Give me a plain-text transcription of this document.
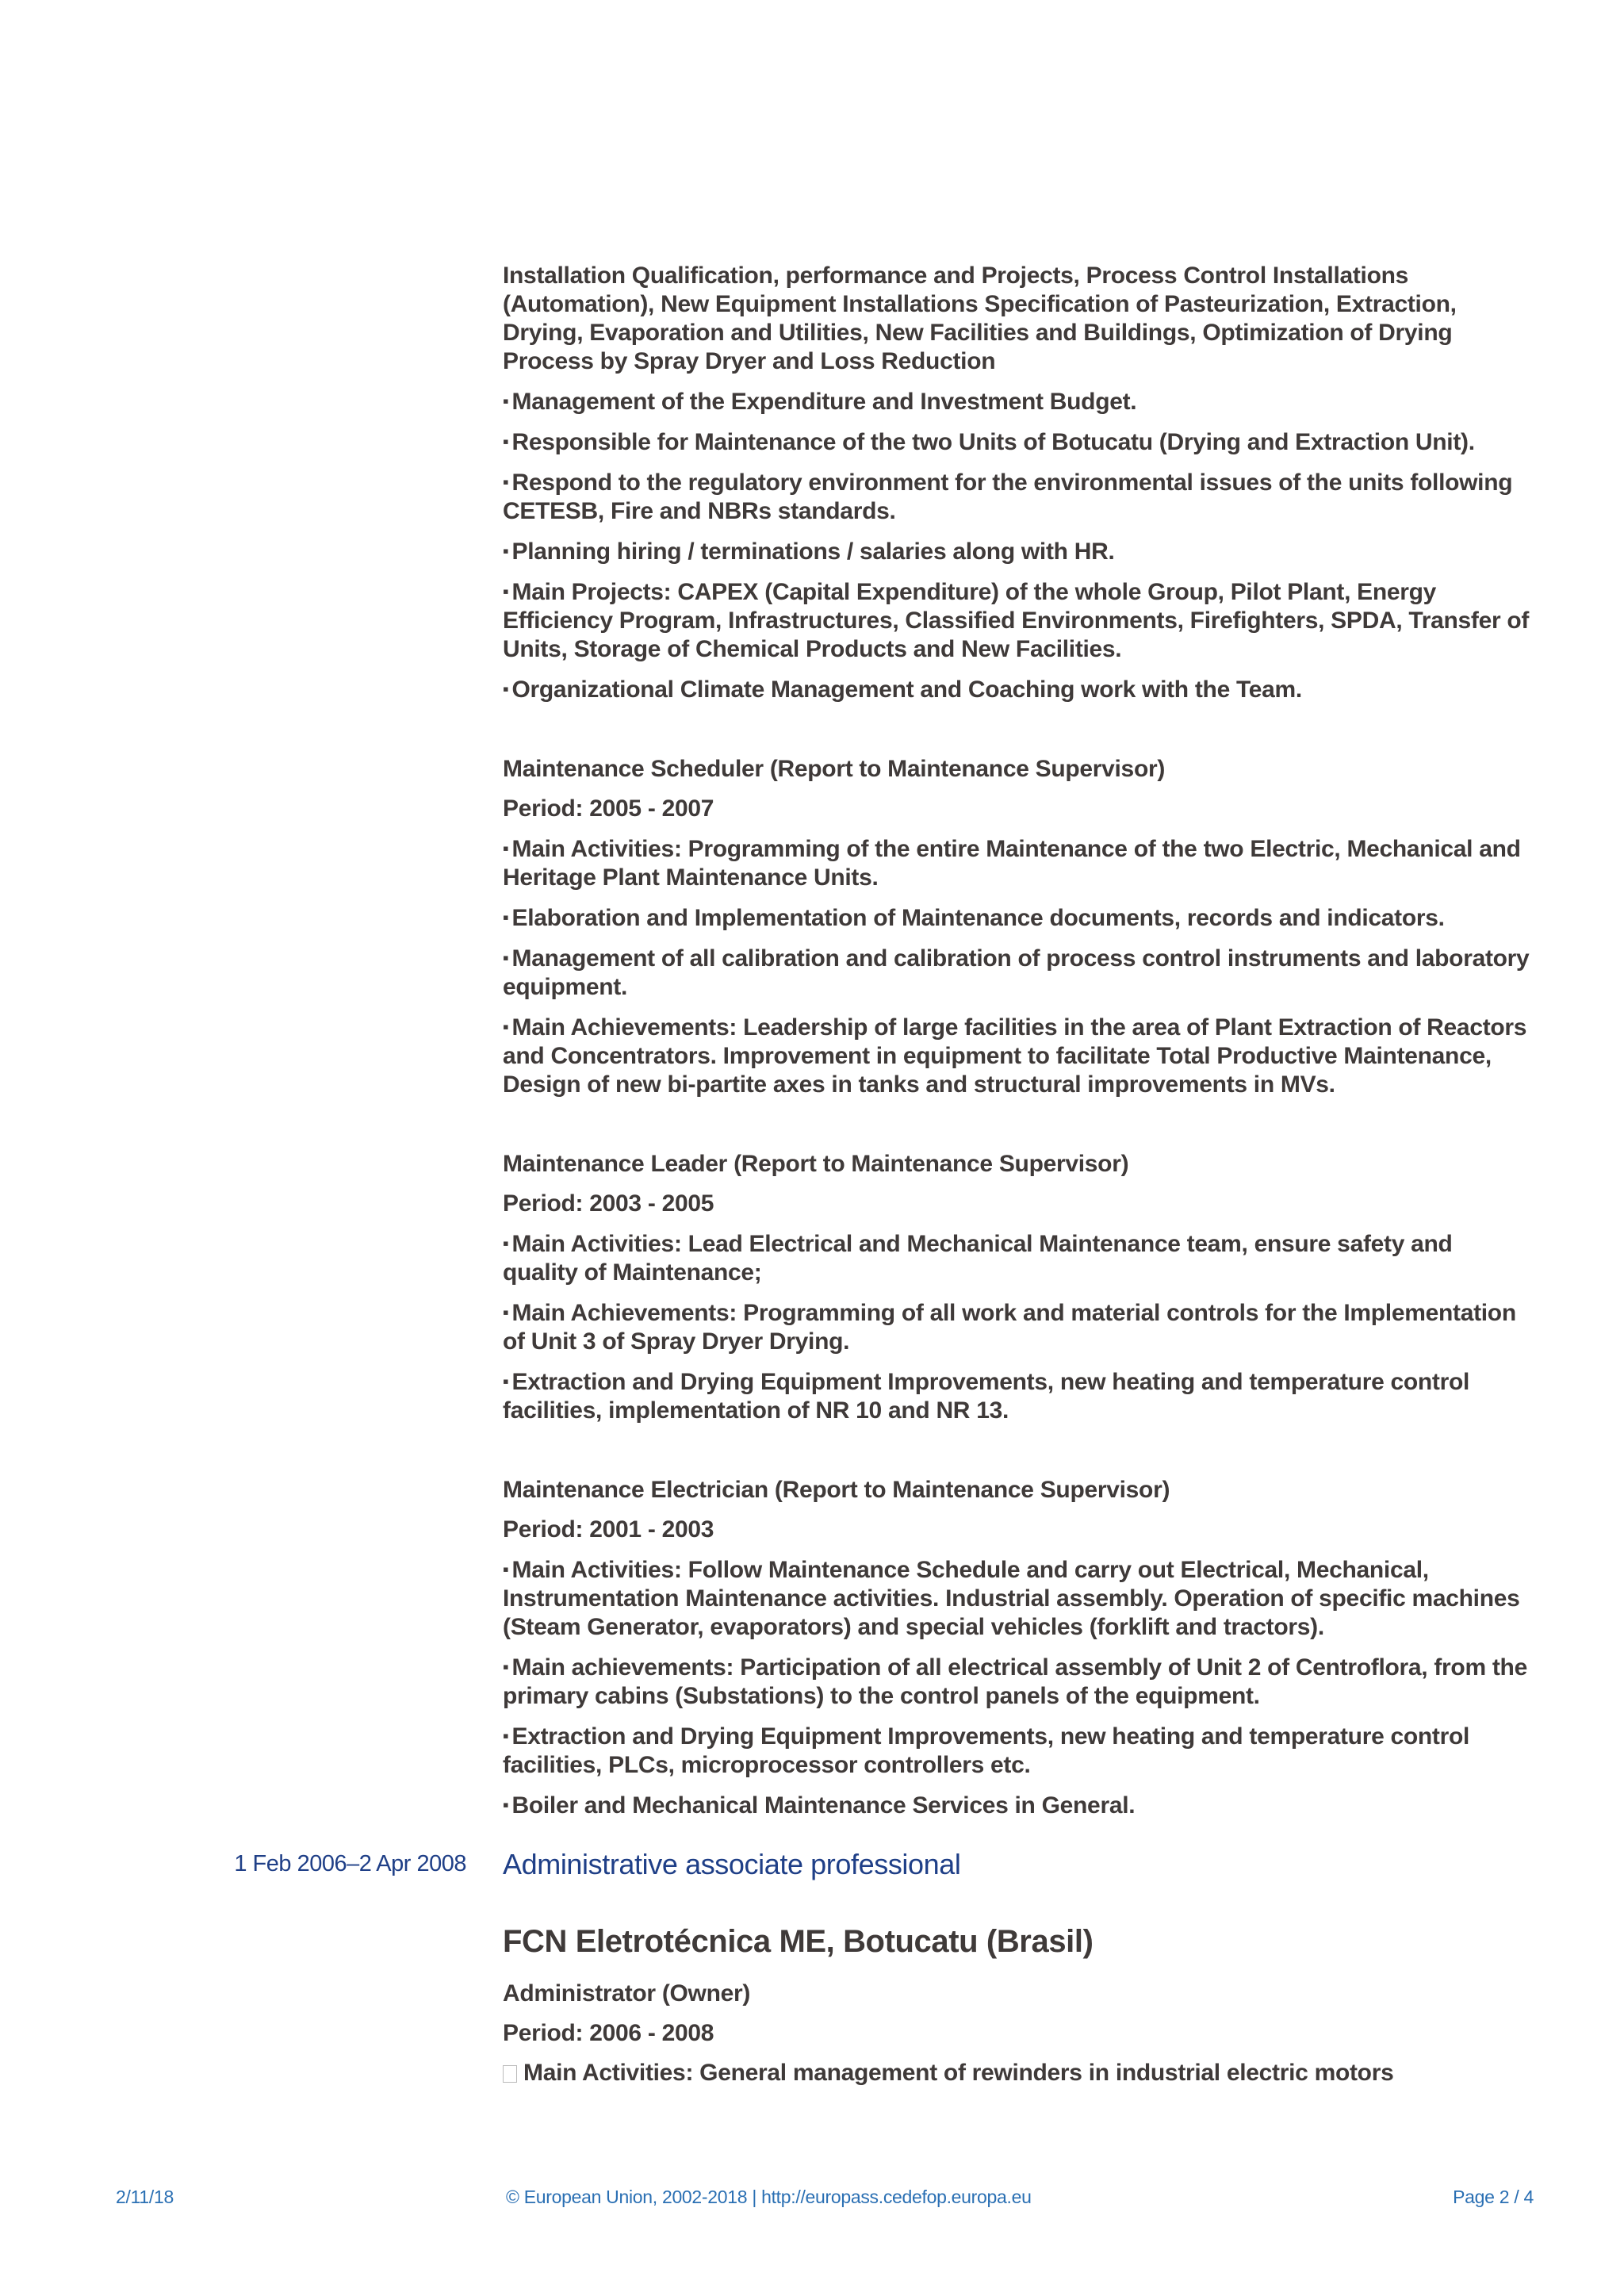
Installation Qualification, performance and Projects, Process Control Installations (Automation), New Equipment Installations Specification of Pasteurization, Extraction, Drying, Evaporation and Utilities, New Facilities and Buildings, Optimization of Drying Process by Spray Dryer and Loss Reduction

▪ Management of the Expenditure and Investment Budget.

▪ Responsible for Maintenance of the two Units of Botucatu (Drying and Extraction Unit).

▪ Respond to the regulatory environment for the environmental issues of the units following CETESB, Fire and NBRs standards.

▪ Planning hiring / terminations / salaries along with HR.

▪ Main Projects: CAPEX (Capital Expenditure) of the whole Group, Pilot Plant, Energy Efficiency Program, Infrastructures, Classified Environments, Firefighters, SPDA, Transfer of Units, Storage of Chemical Products and New Facilities.

▪ Organizational Climate Management and Coaching work with the Team.

Maintenance Scheduler (Report to Maintenance Supervisor)

Period: 2005 - 2007

▪ Main Activities: Programming of the entire Maintenance of the two Electric, Mechanical and Heritage Plant Maintenance Units.

▪ Elaboration and Implementation of Maintenance documents, records and indicators.

▪ Management of all calibration and calibration of process control instruments and laboratory equipment.

▪ Main Achievements: Leadership of large facilities in the area of Plant Extraction of Reactors and Concentrators. Improvement in equipment to facilitate Total Productive Maintenance, Design of new bi-partite axes in tanks and structural improvements in MVs.

Maintenance Leader (Report to Maintenance Supervisor)

Period: 2003 - 2005

▪ Main Activities: Lead Electrical and Mechanical Maintenance team, ensure safety and quality of Maintenance;

▪ Main Achievements: Programming of all work and material controls for the Implementation of Unit 3 of Spray Dryer Drying.

▪ Extraction and Drying Equipment Improvements, new heating and temperature control facilities, implementation of NR 10 and NR 13.

Maintenance Electrician (Report to Maintenance Supervisor)

Period: 2001 - 2003

▪ Main Activities: Follow Maintenance Schedule and carry out Electrical, Mechanical, Instrumentation Maintenance activities. Industrial assembly. Operation of specific machines (Steam Generator, evaporators) and special vehicles (forklift and tractors).

▪ Main achievements: Participation of all electrical assembly of Unit 2 of Centroflora, from the primary cabins (Substations) to the control panels of the equipment.

▪ Extraction and Drying Equipment Improvements, new heating and temperature control facilities, PLCs, microprocessor controllers etc.

▪ Boiler and Mechanical Maintenance Services in General.

1 Feb 2006–2 Apr 2008 Administrative associate professional
FCN Eletrotécnica ME, Botucatu (Brasil)

Administrator (Owner)

Period: 2006 - 2008

Main Activities: General management of rewinders in industrial electric motors

2/11/18	© European Union, 2002-2018 | http://europass.cedefop.europa.eu	Page 2 / 4
